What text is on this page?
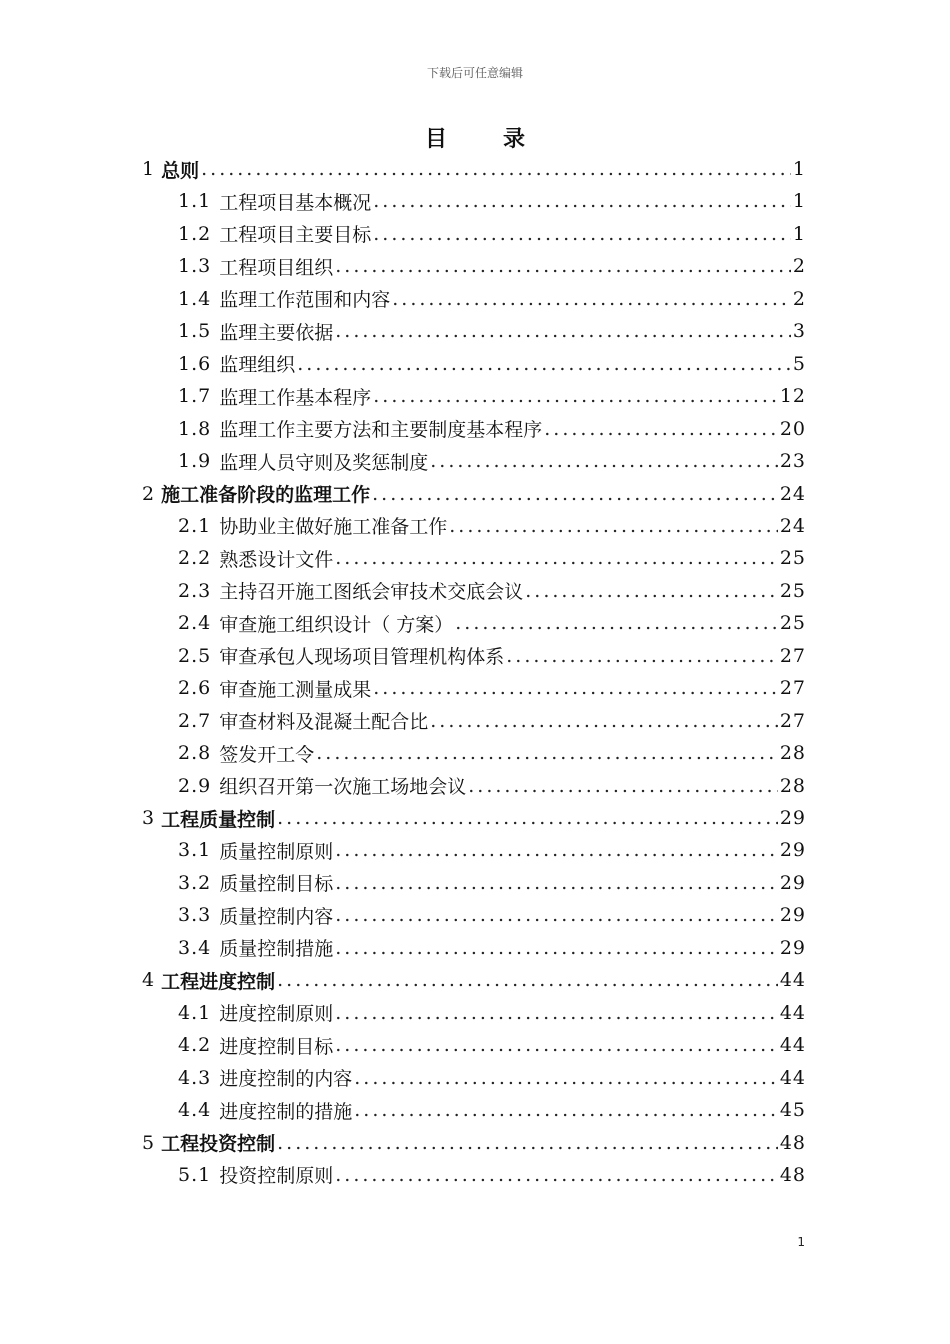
下载后可任意编辑
目录
1 总则 .....	1
1.1 工程项目基本概况 .....	1
1.2 工程项目主要目标 .....	1
1.3 工程项目组织 .....	2
1.4 监理工作范围和内容 .....	2
1.5 监理主要依据 .....	3
1.6 监理组织 .....	5
1.7 监理工作基本程序 .....	12
1.8 监理工作主要方法和主要制度基本程序 .....	20
1.9 监理人员守则及奖惩制度 .....	23
2 施工准备阶段的监理工作 .....	24
2.1 协助业主做好施工准备工作 .....	24
2.2 熟悉设计文件 .....	25
2.3 主持召开施工图纸会审技术交底会议 .....	25
2.4 审查施工组织设计（ 方案） .....	25
2.5 审查承包人现场项目管理机构体系 .....	27
2.6 审查施工测量成果 .....	27
2.7 审查材料及混凝土配合比 .....	27
2.8 签发开工令 .....	28
2.9 组织召开第一次施工场地会议 .....	28
3 工程质量控制 .....	29
3.1 质量控制原则 .....	29
3.2 质量控制目标 .....	29
3.3 质量控制内容 .....	29
3.4 质量控制措施 .....	29
4 工程进度控制 .....	44
4.1 进度控制原则 .....	44
4.2 进度控制目标 .....	44
4.3 进度控制的内容 .....	44
4.4 进度控制的措施 .....	45
5 工程投资控制 .....	48
5.1 投资控制原则 .....	48
1
